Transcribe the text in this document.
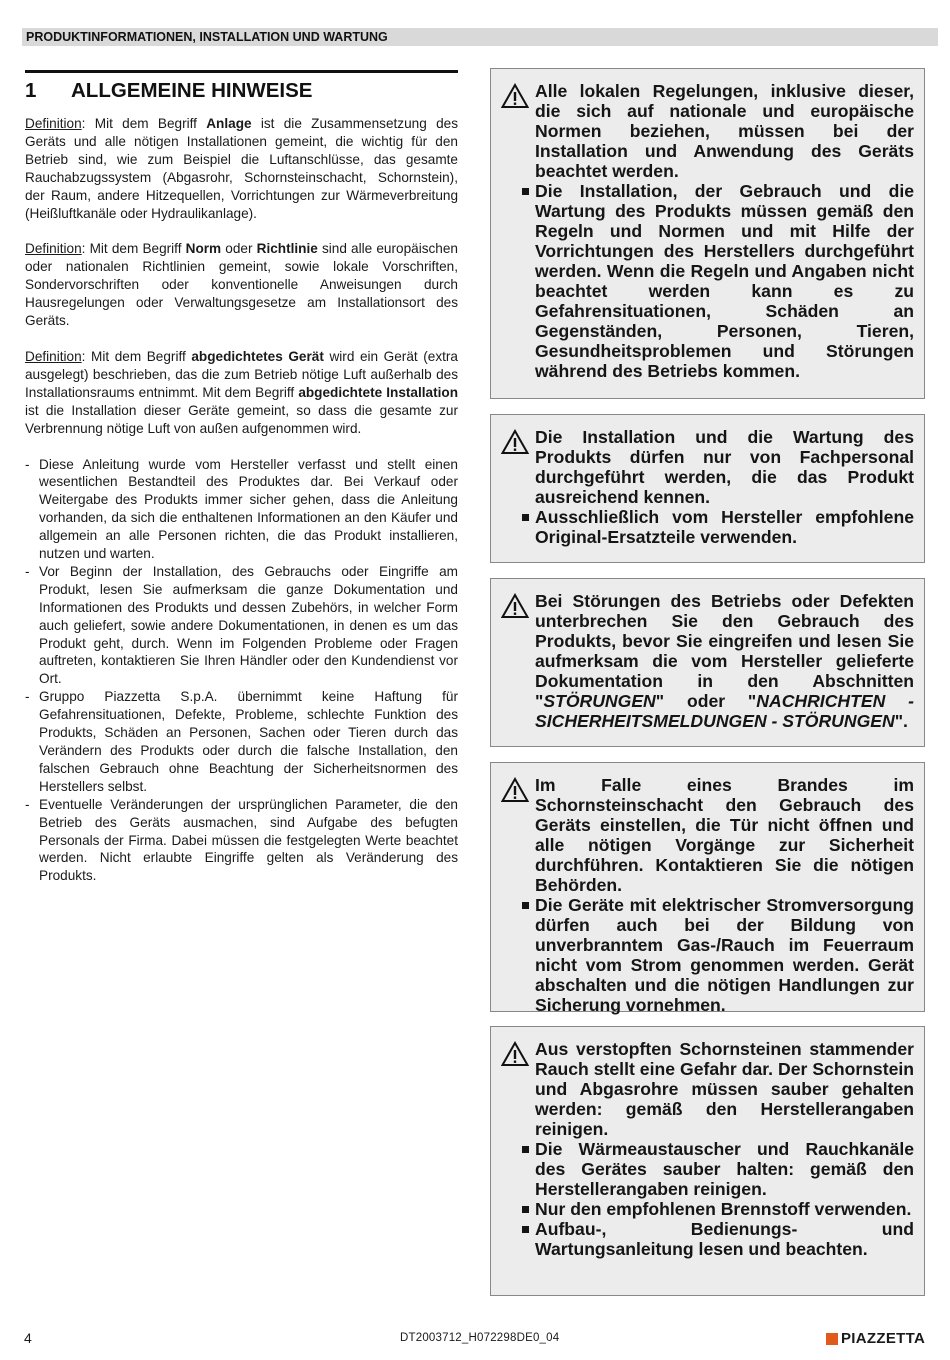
PRODUKTINFORMATIONEN, INSTALLATION UND WARTUNG
1	ALLGEMEINE HINWEISE

Definition: Mit dem Begriff Anlage ist die Zusammensetzung des Geräts und alle nötigen Installationen gemeint, die wichtig für den Betrieb sind, wie zum Beispiel die Luftanschlüsse, das gesamte Rauchabzugssystem (Abgasrohr, Schornsteinschacht, Schornstein), der Raum, andere Hitzequellen, Vorrichtungen zur Wärmeverbreitung (Heißluftkanäle oder Hydraulikanlage).

Definition: Mit dem Begriff Norm oder Richtlinie sind alle europäischen oder nationalen Richtlinien gemeint, sowie lokale Vorschriften, Sondervorschriften oder konventionelle Anweisungen durch Hausregelungen oder Verwaltungsgesetze am Installationsort des Geräts.

Definition: Mit dem Begriff abgedichtetes Gerät wird ein Gerät (extra ausgelegt) beschrieben, das die zum Betrieb nötige Luft außerhalb des Installationsraums entnimmt. Mit dem Begriff abgedichtete Installation ist die Installation dieser Geräte gemeint, so dass die gesamte zur Verbrennung nötige Luft von außen aufgenommen wird.

- Diese Anleitung wurde vom Hersteller verfasst und stellt einen wesentlichen Bestandteil des Produktes dar. Bei Verkauf oder Weitergabe des Produkts immer sicher gehen, dass die Anleitung vorhanden, da sich die enthaltenen Informationen an den Käufer und allgemein an alle Personen richten, die das Produkt installieren, nutzen und warten.
- Vor Beginn der Installation, des Gebrauchs oder Eingriffe am Produkt, lesen Sie aufmerksam die ganze Dokumentation und Informationen des Produkts und dessen Zubehörs, in welcher Form auch geliefert, sowie andere Dokumentationen, in denen es um das Produkt geht, durch. Wenn im Folgenden Probleme oder Fragen auftreten, kontaktieren Sie Ihren Händler oder den Kundendienst vor Ort.
- Gruppo Piazzetta S.p.A. übernimmt keine Haftung für Gefahrensituationen, Defekte, Probleme, schlechte Funktion des Produkts, Schäden an Personen, Sachen oder Tieren durch das Verändern des Produkts oder durch die falsche Installation, den falschen Gebrauch ohne Beachtung der Sicherheitsnormen des Herstellers selbst.
- Eventuelle Veränderungen der ursprünglichen Parameter, die den Betrieb des Geräts ausmachen, sind Aufgabe des befugten Personals der Firma. Dabei müssen die festgelegten Werte beachtet werden. Nicht erlaubte Eingriffe gelten als Veränderung des Produkts.

Alle lokalen Regelungen, inklusive dieser, die sich auf nationale und europäische Normen beziehen, müssen bei der Installation und Anwendung des Geräts beachtet werden.

Die Installation, der Gebrauch und die Wartung des Produkts müssen gemäß den Regeln und Normen und mit Hilfe der Vorrichtungen des Herstellers durchgeführt werden. Wenn die Regeln und Angaben nicht beachtet werden kann es zu Gefahrensituationen, Schäden an Gegenständen, Personen, Tieren, Gesundheitsproblemen und Störungen während des Betriebs kommen.

Die Installation und die Wartung des Produkts dürfen nur von Fachpersonal durchgeführt werden, die das Produkt ausreichend kennen.

Ausschließlich vom Hersteller empfohlene Original-Ersatzteile verwenden.

Bei Störungen des Betriebs oder Defekten unterbrechen Sie den Gebrauch des Produkts, bevor Sie eingreifen und lesen Sie aufmerksam die vom Hersteller gelieferte Dokumentation in den Abschnitten "STÖRUNGEN" oder "NACHRICHTEN - SICHERHEITSMELDUNGEN - STÖRUNGEN".

Im Falle eines Brandes im Schornsteinschacht den Gebrauch des Geräts einstellen, die Tür nicht öffnen und alle nötigen Vorgänge zur Sicherheit durchführen. Kontaktieren Sie die nötigen Behörden.

Die Geräte mit elektrischer Stromversorgung dürfen auch bei der Bildung von unverbranntem Gas-/Rauch im Feuerraum nicht vom Strom genommen werden. Gerät abschalten und die nötigen Handlungen zur Sicherung vornehmen.

Aus verstopften Schornsteinen stammender Rauch stellt eine Gefahr dar. Der Schornstein und Abgasrohre müssen sauber gehalten werden: gemäß den Herstellerangaben reinigen.

Die Wärmeaustauscher und Rauchkanäle des Gerätes sauber halten: gemäß den Herstellerangaben reinigen.

Nur den empfohlenen Brennstoff verwenden.

Aufbau-, Bedienungs- und Wartungsanleitung lesen und beachten.

4	DT2003712_H072298DE0_04	PIAZZETTA
